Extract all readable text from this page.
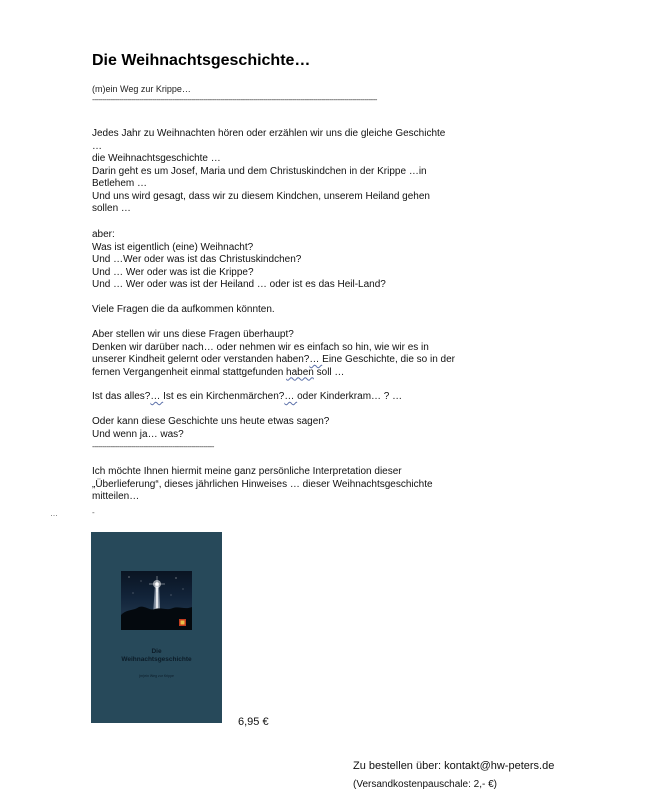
Die Weihnachtsgeschichte…
(m)ein Weg zur Krippe…
------------------------------------------------------------------------------------------------------------------------------------------
Jedes Jahr zu Weihnachten hören oder erzählen wir uns die gleiche Geschichte
…
die Weihnachtsgeschichte …
Darin geht es um Josef, Maria und dem Christuskindchen in der Krippe …in
Betlehem …
Und uns wird gesagt, dass wir zu diesem Kindchen, unserem Heiland gehen
sollen …
aber:
Was ist eigentlich (eine) Weihnacht?
Und …Wer oder was ist das Christuskindchen?
Und … Wer oder was ist die Krippe?
Und … Wer oder was ist der Heiland … oder ist es das Heil-Land?
Viele Fragen die da aufkommen könnten.
Aber stellen wir uns diese Fragen überhaupt?
Denken wir darüber nach… oder nehmen wir es einfach so hin, wie wir es in
unserer Kindheit gelernt oder verstanden haben?… Eine Geschichte, die so in der
fernen Vergangenheit einmal stattgefunden haben soll …
Ist das alles?… Ist es ein Kirchenmärchen?… oder Kinderkram… ? …
Oder kann diese Geschichte uns heute etwas sagen?
Und wenn ja… was?
-----------------------------------------------------------
Ich möchte Ihnen hiermit meine ganz persönliche Interpretation dieser
„Überlieferung“, dieses jährlichen Hinweises … dieser Weihnachtsgeschichte
mitteilen…
…	-
Die
Weihnachtsgeschichte
(m)ein Weg zur Krippe
6,95 €
Zu bestellen über: kontakt@hw-peters.de
(Versandkostenpauschale: 2,- €)
